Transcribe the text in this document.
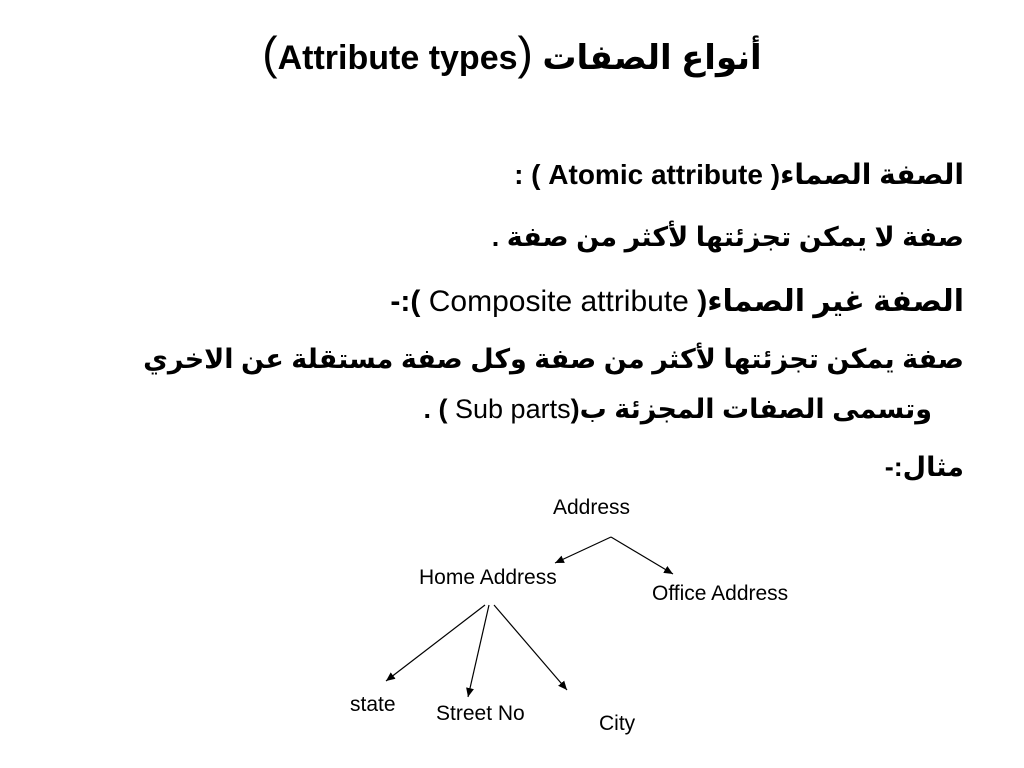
أنواع الصفات (Attribute types)
الصفة الصماء( Atomic attribute ) :
صفة لا يمكن تجزئتها لأكثر من صفة .
الصفة غير الصماء( Composite attribute ):-
صفة يمكن تجزئتها لأكثر من صفة وكل صفة مستقلة عن الاخري
وتسمى الصفات المجزئة ب(Sub parts ) .
مثال:-
Address
Home Address
Office Address
state Street No	City
